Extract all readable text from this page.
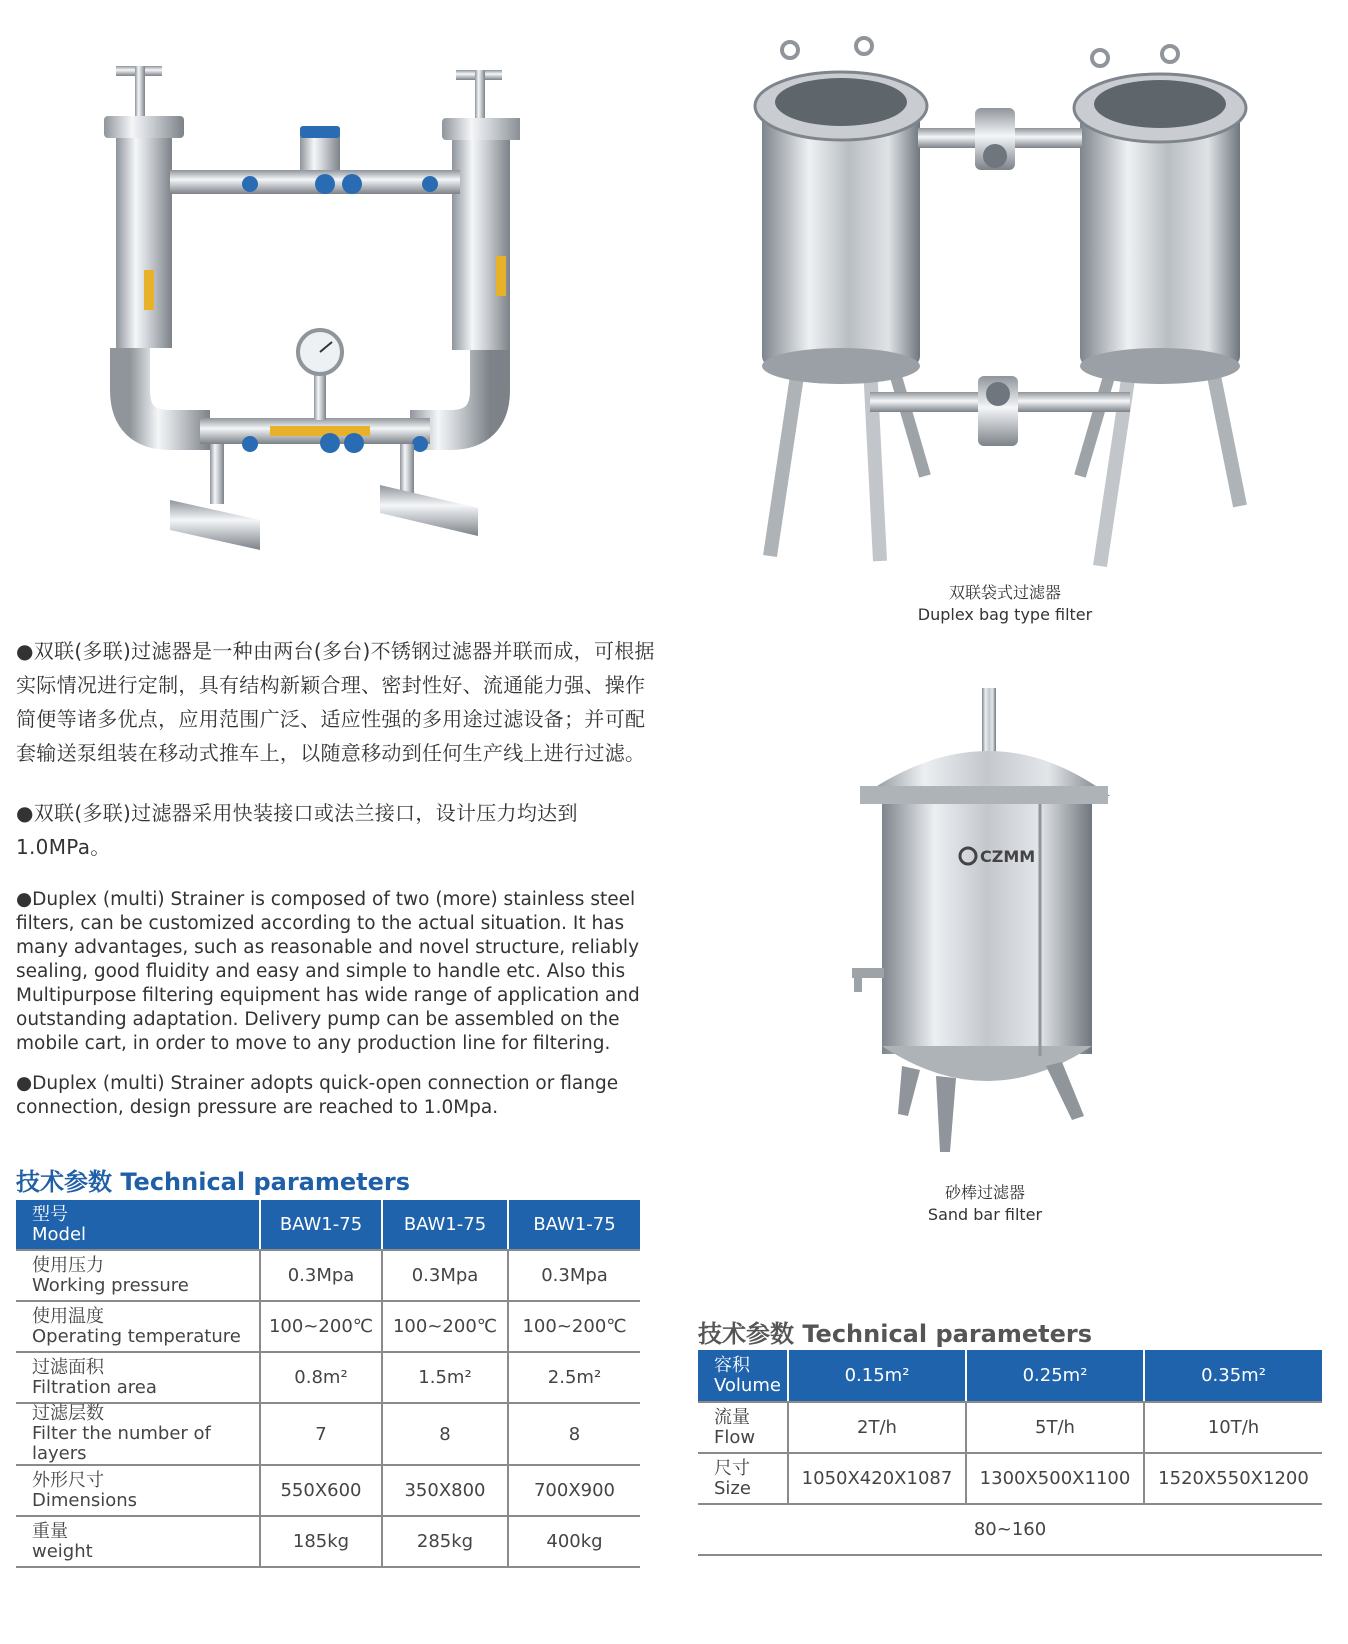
双联袋式过滤器
Duplex bag type filter
CZMM
砂棒过滤器
Sand bar filter
●双联(多联)过滤器是一种由两台(多台)不锈钢过滤器并联而成，可根据实际情况进行定制，具有结构新颖合理、密封性好、流通能力强、操作简便等诸多优点，应用范围广泛、适应性强的多用途过滤设备；并可配套输送泵组装在移动式推车上，以随意移动到任何生产线上进行过滤。
●双联(多联)过滤器采用快装接口或法兰接口，设计压力均达到1.0MPa。
●Duplex (multi) Strainer is composed of two (more) stainless steel filters, can be customized according to the actual situation. It has many advantages, such as reasonable and novel structure, reliably sealing, good fluidity and easy and simple to handle etc. Also this Multipurpose filtering equipment has wide range of application and outstanding adaptation. Delivery pump can be assembled on the mobile cart, in order to move to any production line for filtering.
●Duplex (multi) Strainer adopts quick-open connection or flange connection, design pressure are reached to 1.0Mpa.
技术参数 Technical parameters
型号
Model	BAW1-75	BAW1-75	BAW1-75

使用压力
Working pressure	0.3Mpa	0.3Mpa	0.3Mpa

使用温度
Operating temperature	100~200℃	100~200℃	100~200℃

过滤面积
Filtration area	0.8m²	1.5m²	2.5m²

过滤层数
Filter the number of layers	7	8	8

外形尺寸
Dimensions	550X600	350X800	700X900

重量
weight	185kg	285kg	400kg
技术参数 Technical parameters
容积
Volume	0.15m²	0.25m²	0.35m²

流量
Flow	2T/h	5T/h	10T/h

尺寸
Size	1050X420X1087	1300X500X1100	1520X550X1200
80~160			
